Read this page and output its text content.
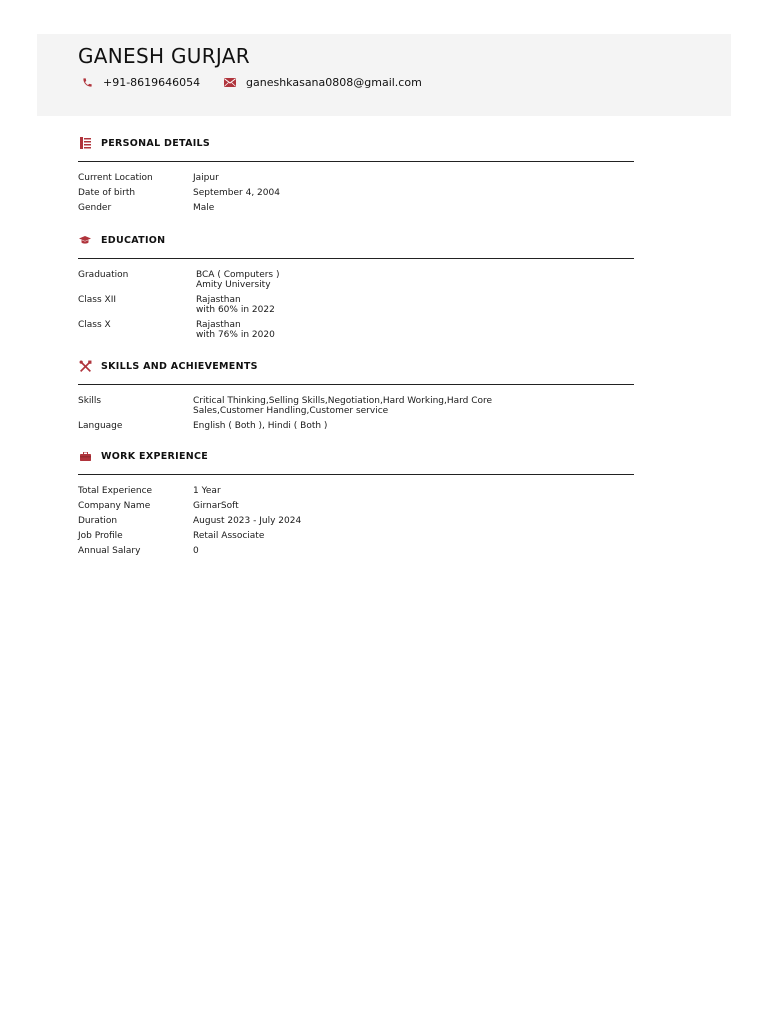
GANESH GURJAR
+91-8619646054	ganeshkasana0808@gmail.com
PERSONAL DETAILS
Current Location	Jaipur
Date of birth	September 4, 2004
Gender	Male
EDUCATION
Graduation	BCA ( Computers )
Amity University
Class XII	Rajasthan
with 60% in 2022
Class X	Rajasthan
with 76% in 2020
SKILLS AND ACHIEVEMENTS
Skills	Critical Thinking,Selling Skills,Negotiation,Hard Working,Hard Core
Sales,Customer Handling,Customer service
Language	English ( Both ), Hindi ( Both )
WORK EXPERIENCE
Total Experience	1 Year
Company Name	GirnarSoft
Duration	August 2023 - July 2024
Job Profile	Retail Associate
Annual Salary	0
